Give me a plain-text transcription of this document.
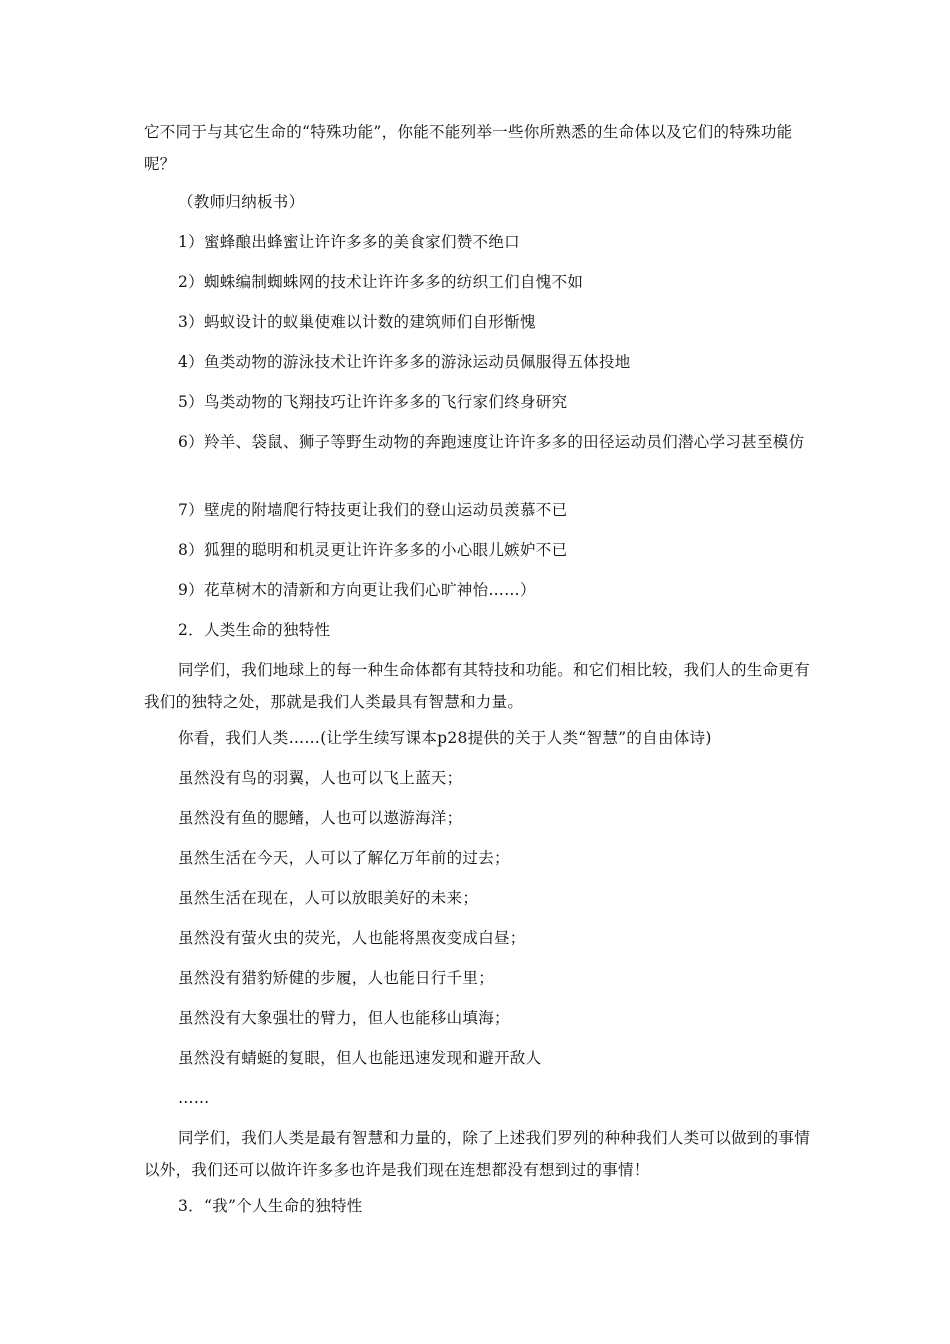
它不同于与其它生命的“特殊功能”，你能不能列举一些你所熟悉的生命体以及它们的特殊功能呢？
（教师归纳板书）
1）蜜蜂酿出蜂蜜让许许多多的美食家们赞不绝口
2）蜘蛛编制蜘蛛网的技术让许许多多的纺织工们自愧不如
3）蚂蚁设计的蚁巢使难以计数的建筑师们自形惭愧
4）鱼类动物的游泳技术让许许多多的游泳运动员佩服得五体投地
5）鸟类动物的飞翔技巧让许许多多的飞行家们终身研究
6）羚羊、袋鼠、狮子等野生动物的奔跑速度让许许多多的田径运动员们潜心学习甚至模仿
7）壁虎的附墙爬行特技更让我们的登山运动员羡慕不已
8）狐狸的聪明和机灵更让许许多多的小心眼儿嫉妒不已
9）花草树木的清新和方向更让我们心旷神怡……）
2．人类生命的独特性
同学们，我们地球上的每一种生命体都有其特技和功能。和它们相比较，我们人的生命更有我们的独特之处，那就是我们人类最具有智慧和力量。
你看，我们人类……(让学生续写课本p28提供的关于人类“智慧”的自由体诗)
虽然没有鸟的羽翼，人也可以飞上蓝天；
虽然没有鱼的腮鳍，人也可以遨游海洋；
虽然生活在今天，人可以了解亿万年前的过去；
虽然生活在现在，人可以放眼美好的未来；
虽然没有萤火虫的荧光，人也能将黑夜变成白昼；
虽然没有猎豹矫健的步履，人也能日行千里；
虽然没有大象强壮的臂力，但人也能移山填海；
虽然没有蜻蜓的复眼，但人也能迅速发现和避开敌人
……
同学们，我们人类是最有智慧和力量的，除了上述我们罗列的种种我们人类可以做到的事情以外，我们还可以做许许多多也许是我们现在连想都没有想到过的事情！
3．“我”个人生命的独特性
